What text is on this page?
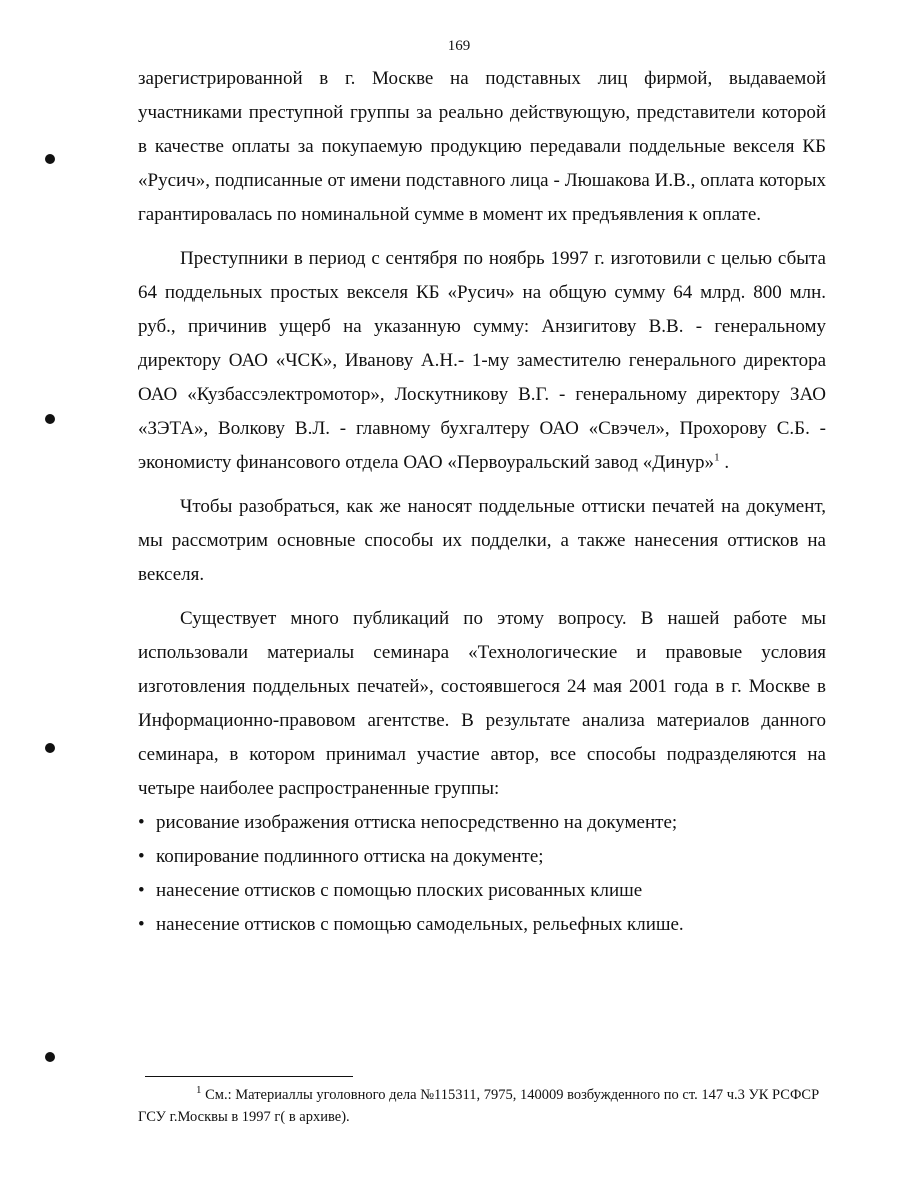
169

зарегистрированной в г. Москве на подставных лиц фирмой, выдаваемой участниками преступной группы за реально действующую, представители которой в качестве оплаты за покупаемую продукцию передавали поддельные векселя КБ «Русич», подписанные от имени подставного лица - Люшакова И.В., оплата которых гарантировалась по номинальной сумме в момент их предъявления к оплате.

Преступники в период с сентября по ноябрь 1997 г. изготовили с целью сбыта 64 поддельных простых векселя КБ «Русич» на общую сумму 64 млрд. 800 млн. руб., причинив ущерб на указанную сумму: Анзигитову В.В. - генеральному директору ОАО «ЧСК», Иванову А.Н.- 1-му заместителю генерального директора ОАО «Кузбассэлектромотор», Лоскутникову В.Г. - генеральному директору ЗАО «ЗЭТА», Волкову В.Л. - главному бухгалтеру ОАО «Свэчел», Прохорову С.Б. - экономисту финансового отдела ОАО «Первоуральский завод «Динур»$^1$ .

Чтобы разобраться, как же наносят поддельные оттиски печатей на документ, мы рассмотрим основные способы их подделки, а также нанесения оттисков на векселя.

Существует много публикаций по этому вопросу. В нашей работе мы использовали материалы семинара «Технологические и правовые условия изготовления поддельных печатей», состоявшегося 24 мая 2001 года в г. Москве в Информационно-правовом агентстве. В результате анализа материалов данного семинара, в котором принимал участие автор, все способы подразделяются на четыре наиболее распространенные группы:

• рисование изображения оттиска непосредственно на документе;
• копирование подлинного оттиска на документе;
• нанесение оттисков с помощью плоских рисованных клише
• нанесение оттисков с помощью самодельных, рельефных клише.

$^1$ См.: Материаллы уголовного дела №115311, 7975, 140009 возбужденного по ст. 147 ч.3 УК РСФСР ГСУ г.Москвы в 1997 г( в архиве).
